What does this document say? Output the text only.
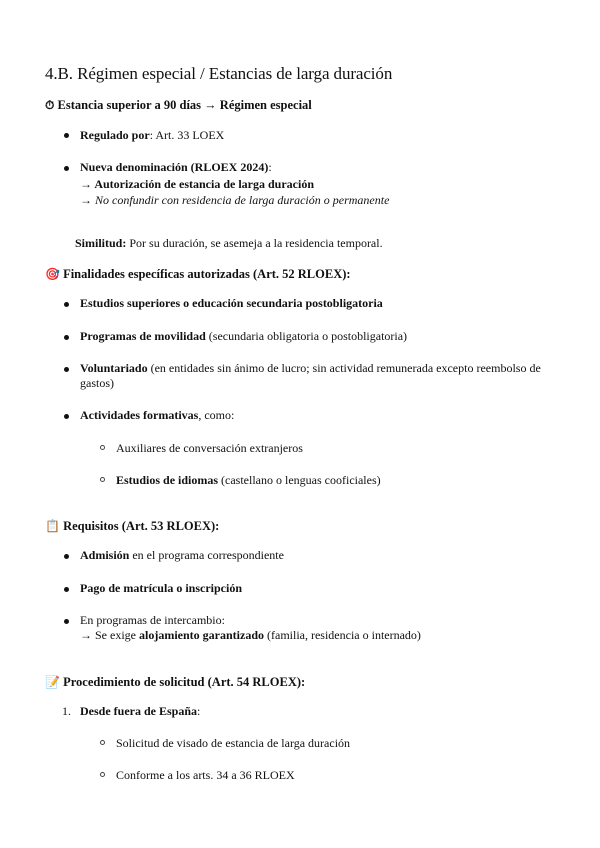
4.B. Régimen especial / Estancias de larga duración
⏱ Estancia superior a 90 días → Régimen especial
Regulado por: Art. 33 LOEX
Nueva denominación (RLOEX 2024):
→ Autorización de estancia de larga duración
→ No confundir con residencia de larga duración o permanente
Similitud: Por su duración, se asemeja a la residencia temporal.
🎯 Finalidades específicas autorizadas (Art. 52 RLOEX):
Estudios superiores o educación secundaria postobligatoria
Programas de movilidad (secundaria obligatoria o postobligatoria)
Voluntariado (en entidades sin ánimo de lucro; sin actividad remunerada excepto reembolso de gastos)
Actividades formativas, como:
Auxiliares de conversación extranjeros
Estudios de idiomas (castellano o lenguas cooficiales)
📋 Requisitos (Art. 53 RLOEX):
Admisión en el programa correspondiente
Pago de matrícula o inscripción
En programas de intercambio:
→ Se exige alojamiento garantizado (familia, residencia o internado)
📝 Procedimiento de solicitud (Art. 54 RLOEX):
1. Desde fuera de España:
Solicitud de visado de estancia de larga duración
Conforme a los arts. 34 a 36 RLOEX
